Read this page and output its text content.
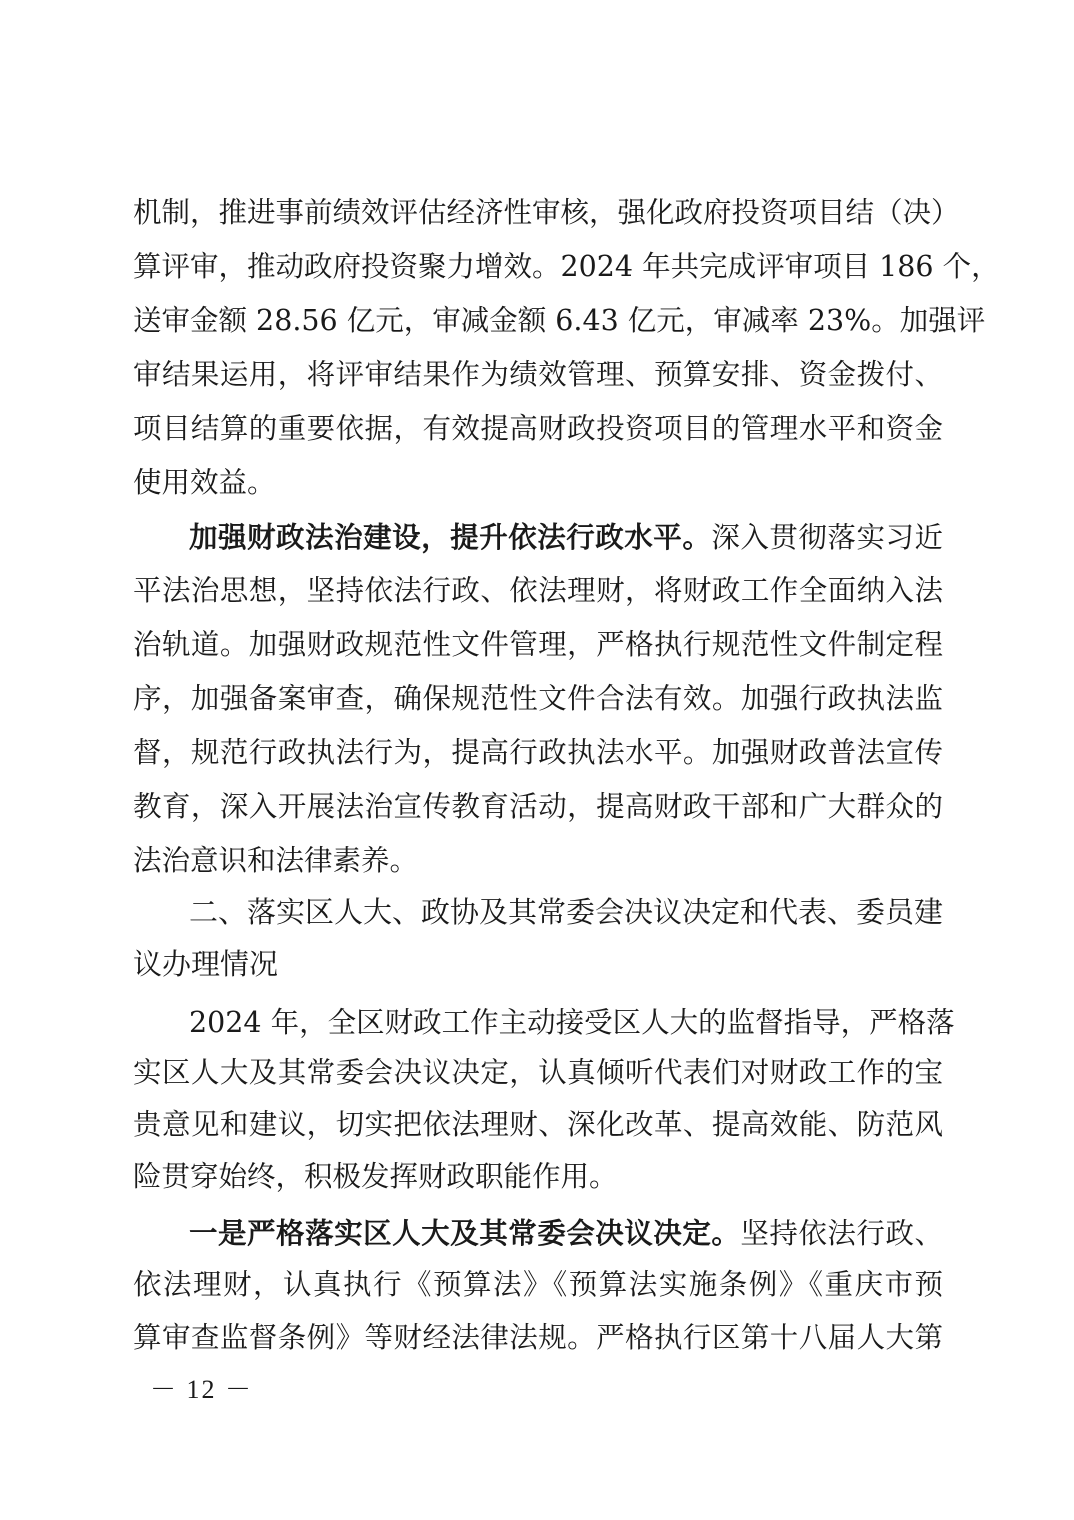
机制，推进事前绩效评估经济性审核，强化政府投资项目结（决）
算评审，推动政府投资聚力增效。2024 年共完成评审项目 186 个，
送审金额 28.56 亿元，审减金额 6.43 亿元，审减率 23%。加强评
审结果运用，将评审结果作为绩效管理、预算安排、资金拨付、
项目结算的重要依据，有效提高财政投资项目的管理水平和资金
使用效益。
加强财政法治建设，提升依法行政水平。深入贯彻落实习近
平法治思想，坚持依法行政、依法理财，将财政工作全面纳入法
治轨道。加强财政规范性文件管理，严格执行规范性文件制定程
序，加强备案审查，确保规范性文件合法有效。加强行政执法监
督，规范行政执法行为，提高行政执法水平。加强财政普法宣传
教育，深入开展法治宣传教育活动，提高财政干部和广大群众的
法治意识和法律素养。
二、落实区人大、政协及其常委会决议决定和代表、委员建
议办理情况
2024 年，全区财政工作主动接受区人大的监督指导，严格落
实区人大及其常委会决议决定，认真倾听代表们对财政工作的宝
贵意见和建议，切实把依法理财、深化改革、提高效能、防范风
险贯穿始终，积极发挥财政职能作用。
一是严格落实区人大及其常委会决议决定。坚持依法行政、
依法理财，认真执行《预算法》《预算法实施条例》《重庆市预
算审查监督条例》等财经法律法规。严格执行区第十八届人大第
－ 12 －
